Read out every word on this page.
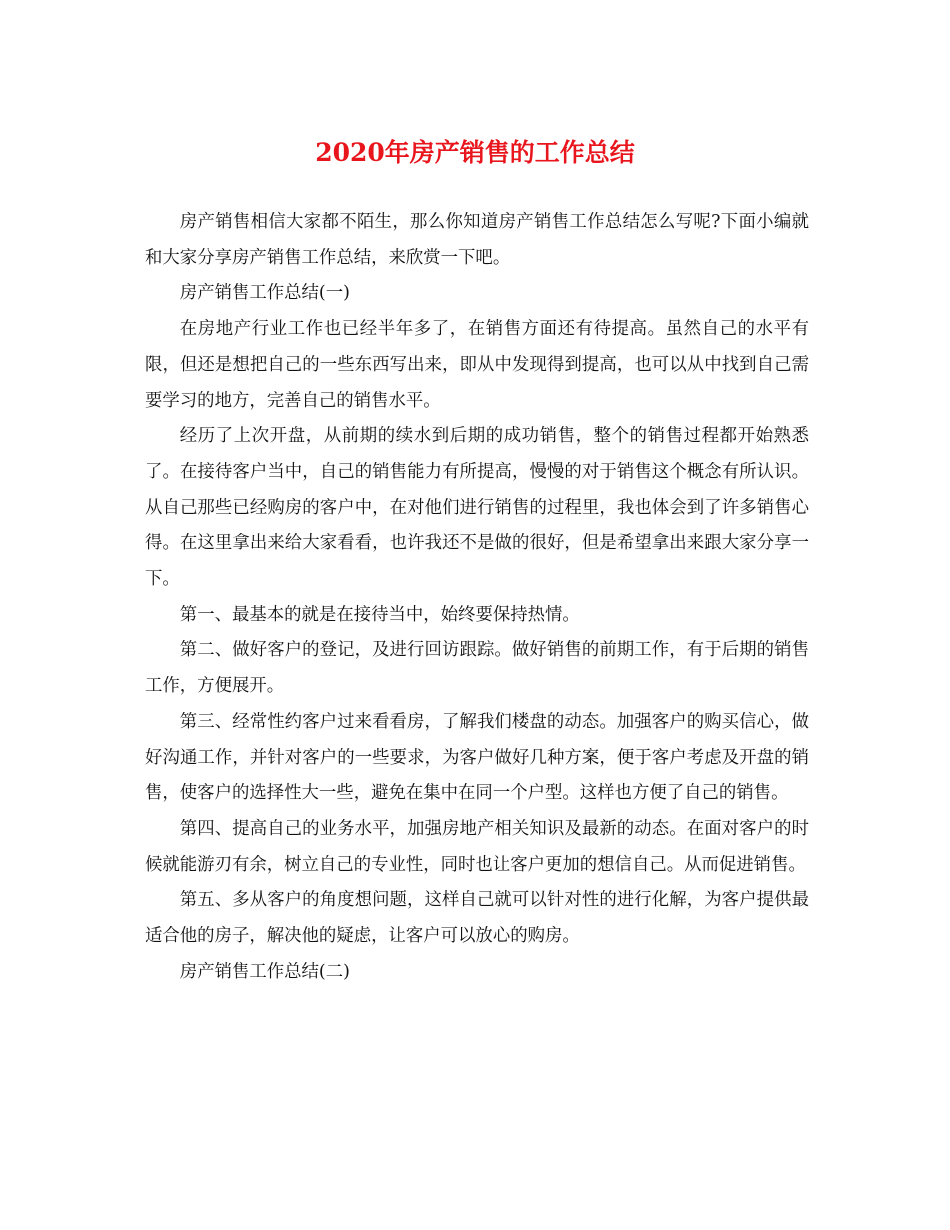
2020年房产销售的工作总结

房产销售相信大家都不陌生，那么你知道房产销售工作总结怎么写呢?下面小编就和大家分享房产销售工作总结，来欣赏一下吧。

房产销售工作总结(一)

在房地产行业工作也已经半年多了，在销售方面还有待提高。虽然自己的水平有限，但还是想把自己的一些东西写出来，即从中发现得到提高，也可以从中找到自己需要学习的地方，完善自己的销售水平。

经历了上次开盘，从前期的续水到后期的成功销售，整个的销售过程都开始熟悉了。在接待客户当中，自己的销售能力有所提高，慢慢的对于销售这个概念有所认识。从自己那些已经购房的客户中，在对他们进行销售的过程里，我也体会到了许多销售心得。在这里拿出来给大家看看，也许我还不是做的很好，但是希望拿出来跟大家分享一下。

第一、最基本的就是在接待当中，始终要保持热情。

第二、做好客户的登记，及进行回访跟踪。做好销售的前期工作，有于后期的销售工作，方便展开。

第三、经常性约客户过来看看房，了解我们楼盘的动态。加强客户的购买信心，做好沟通工作，并针对客户的一些要求，为客户做好几种方案，便于客户考虑及开盘的销售，使客户的选择性大一些，避免在集中在同一个户型。这样也方便了自己的销售。

第四、提高自己的业务水平，加强房地产相关知识及最新的动态。在面对客户的时候就能游刃有余，树立自己的专业性，同时也让客户更加的想信自己。从而促进销售。

第五、多从客户的角度想问题，这样自己就可以针对性的进行化解，为客户提供最适合他的房子，解决他的疑虑，让客户可以放心的购房。

房产销售工作总结(二)
